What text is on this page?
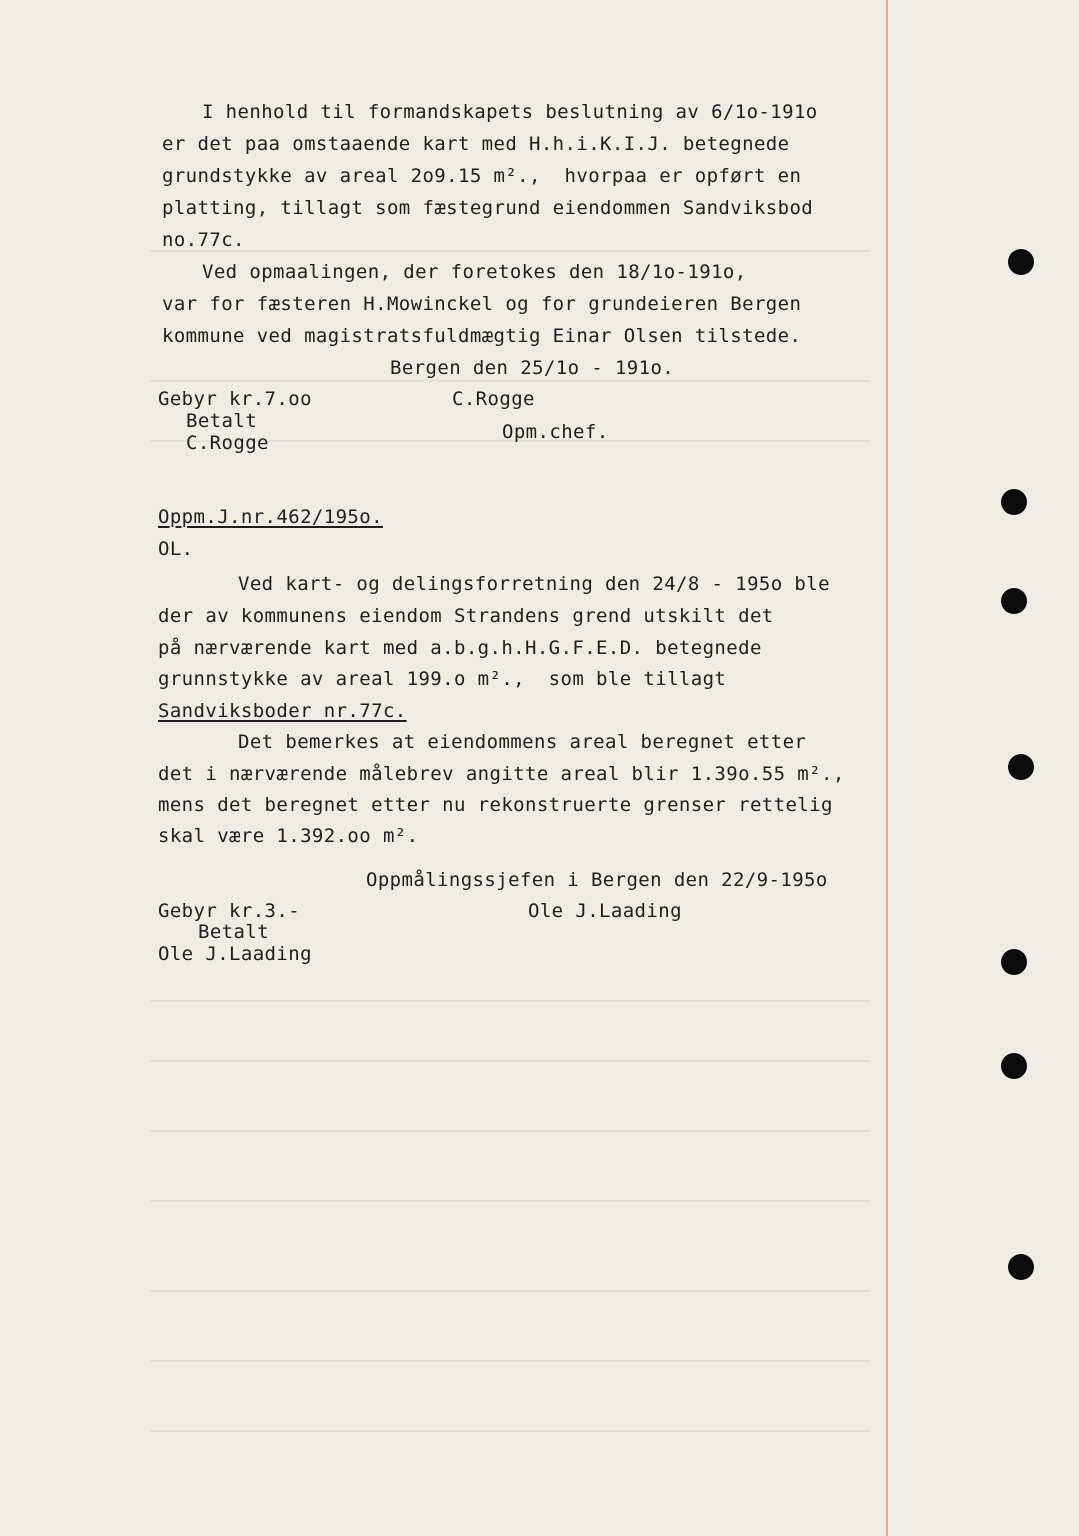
I henhold til formandskapets beslutning av 6/1o-191o
er det paa omstaaende kart med H.h.i.K.I.J. betegnede
grundstykke av areal 2o9.15 m².,  hvorpaa er opført en
platting, tillagt som fæstegrund eiendommen Sandviksbod
no.77c.
Ved opmaalingen, der foretokes den 18/1o-191o,
var for fæsteren H.Mowinckel og for grundeieren Bergen
kommune ved magistratsfuldmægtig Einar Olsen tilstede.
Bergen den 25/1o - 191o.
Gebyr kr.7.oo	C.Rogge
Betalt
C.Rogge	Opm.chef.
Oppm.J.nr.462/195o.
OL.
Ved kart- og delingsforretning den 24/8 - 195o ble
der av kommunens eiendom Strandens grend utskilt det
på nærværende kart med a.b.g.h.H.G.F.E.D. betegnede
grunnstykke av areal 199.o m².,  som ble tillagt
Sandviksboder nr.77c.
Det bemerkes at eiendommens areal beregnet etter
det i nærværende målebrev angitte areal blir 1.39o.55 m².,
mens det beregnet etter nu rekonstruerte grenser rettelig
skal være 1.392.oo m².
Oppmålingssjefen i Bergen den 22/9-195o
Gebyr kr.3.-	Ole J.Laading
Betalt
Ole J.Laading
